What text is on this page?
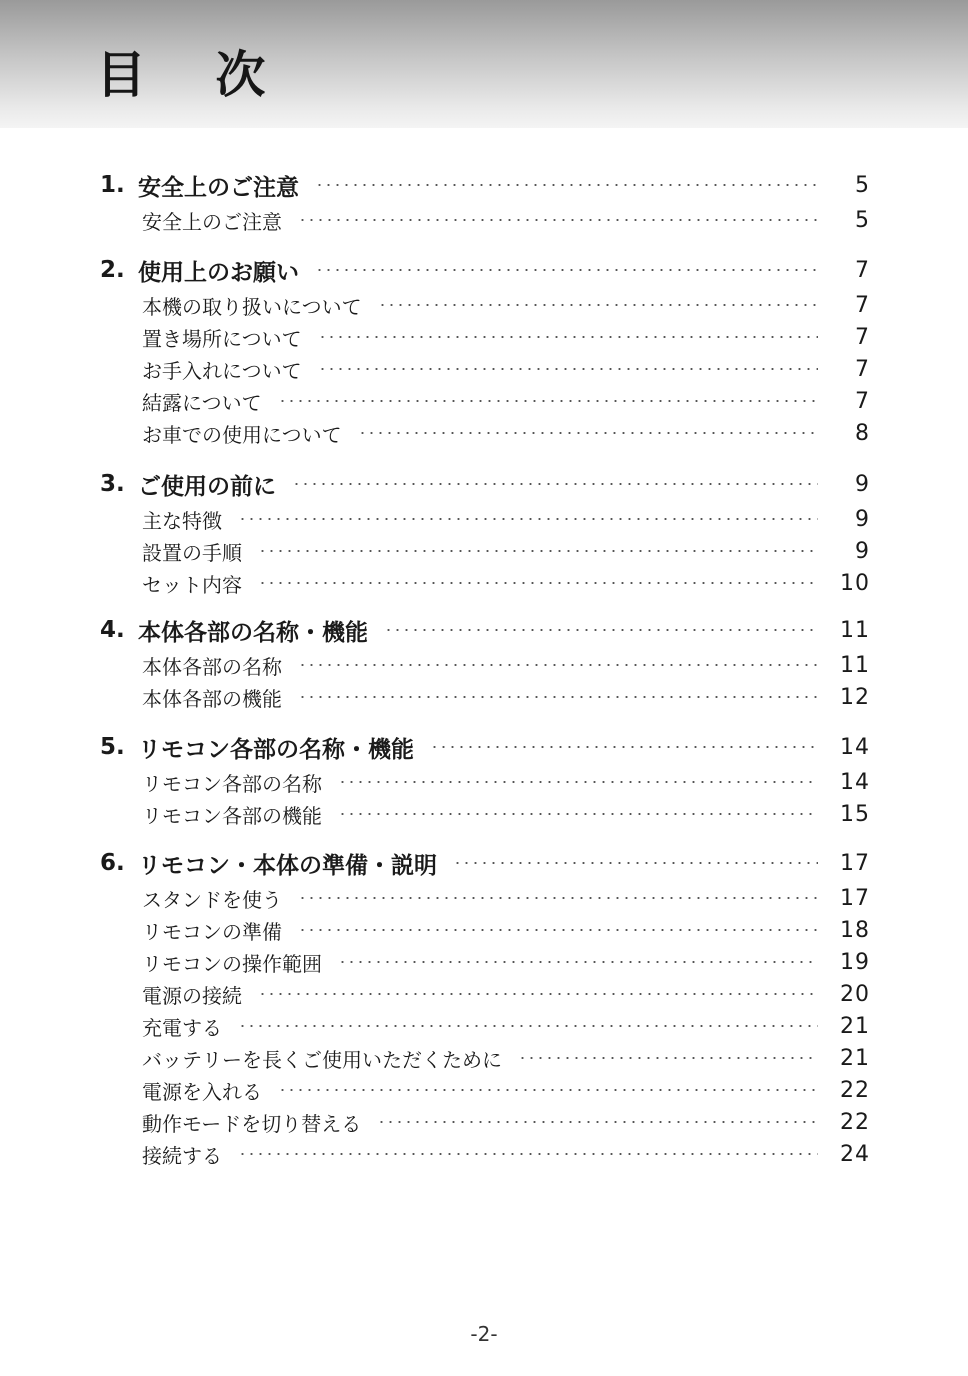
目 次
1. 安全上のご注意	5
安全上のご注意	5
2. 使用上のお願い	7
本機の取り扱いについて	7
置き場所について	7
お手入れについて	7
結露について	7
お車での使用について	8
3. ご使用の前に	9
主な特徴	9
設置の手順	9
セット内容	10
4. 本体各部の名称・機能	11
本体各部の名称	11
本体各部の機能	12
5. リモコン各部の名称・機能	14
リモコン各部の名称	14
リモコン各部の機能	15
6. リモコン・本体の準備・説明	17
スタンドを使う	17
リモコンの準備	18
リモコンの操作範囲	19
電源の接続	20
充電する	21
バッテリーを長くご使用いただくために	21
電源を入れる	22
動作モードを切り替える	22
接続する	24
-2-
